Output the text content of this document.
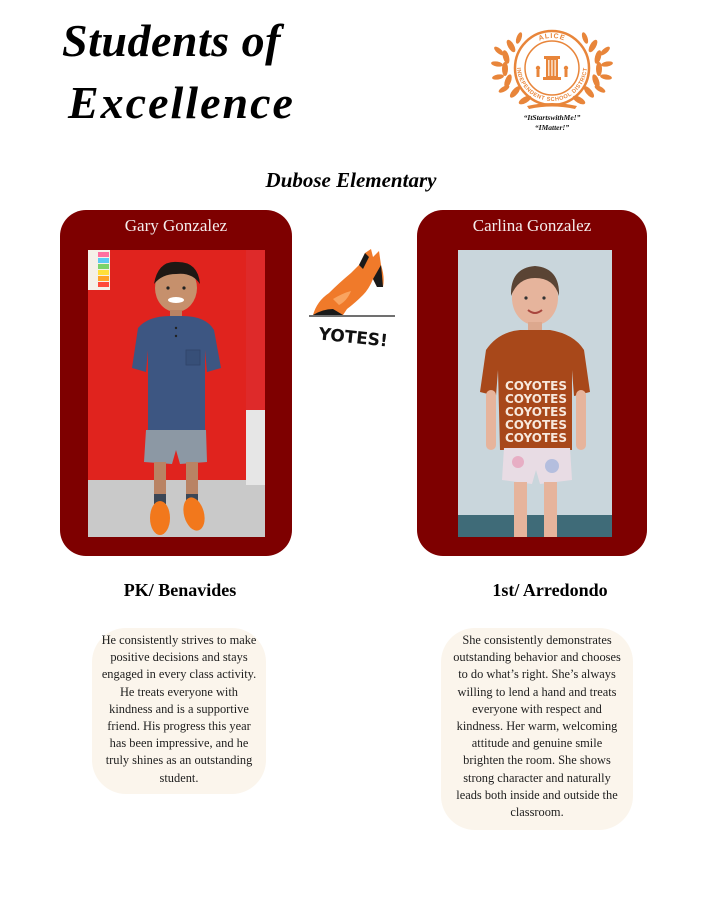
Students of
Excellence
ALICE
INDEPENDENT SCHOOL DISTRICT
“ItStartswithMe!”
“IMatter!”
Dubose Elementary
Gary Gonzalez
YOTES!
Carlina Gonzalez
COYOTES
COYOTES
COYOTES
COYOTES
COYOTES
PK/ Benavides	1st/ Arredondo

He consistently strives to make

positive decisions and stays

engaged in every class activity.

He treats everyone with

kindness and is a supportive

friend. His progress this year

has been impressive, and he

truly shines as an outstanding

student.

She consistently demonstrates

outstanding behavior and chooses

to do what’s right. She’s always

willing to lend a hand and treats

everyone with respect and

kindness. Her warm, welcoming

attitude and genuine smile

brighten the room. She shows

strong character and naturally

leads both inside and outside the

classroom.
